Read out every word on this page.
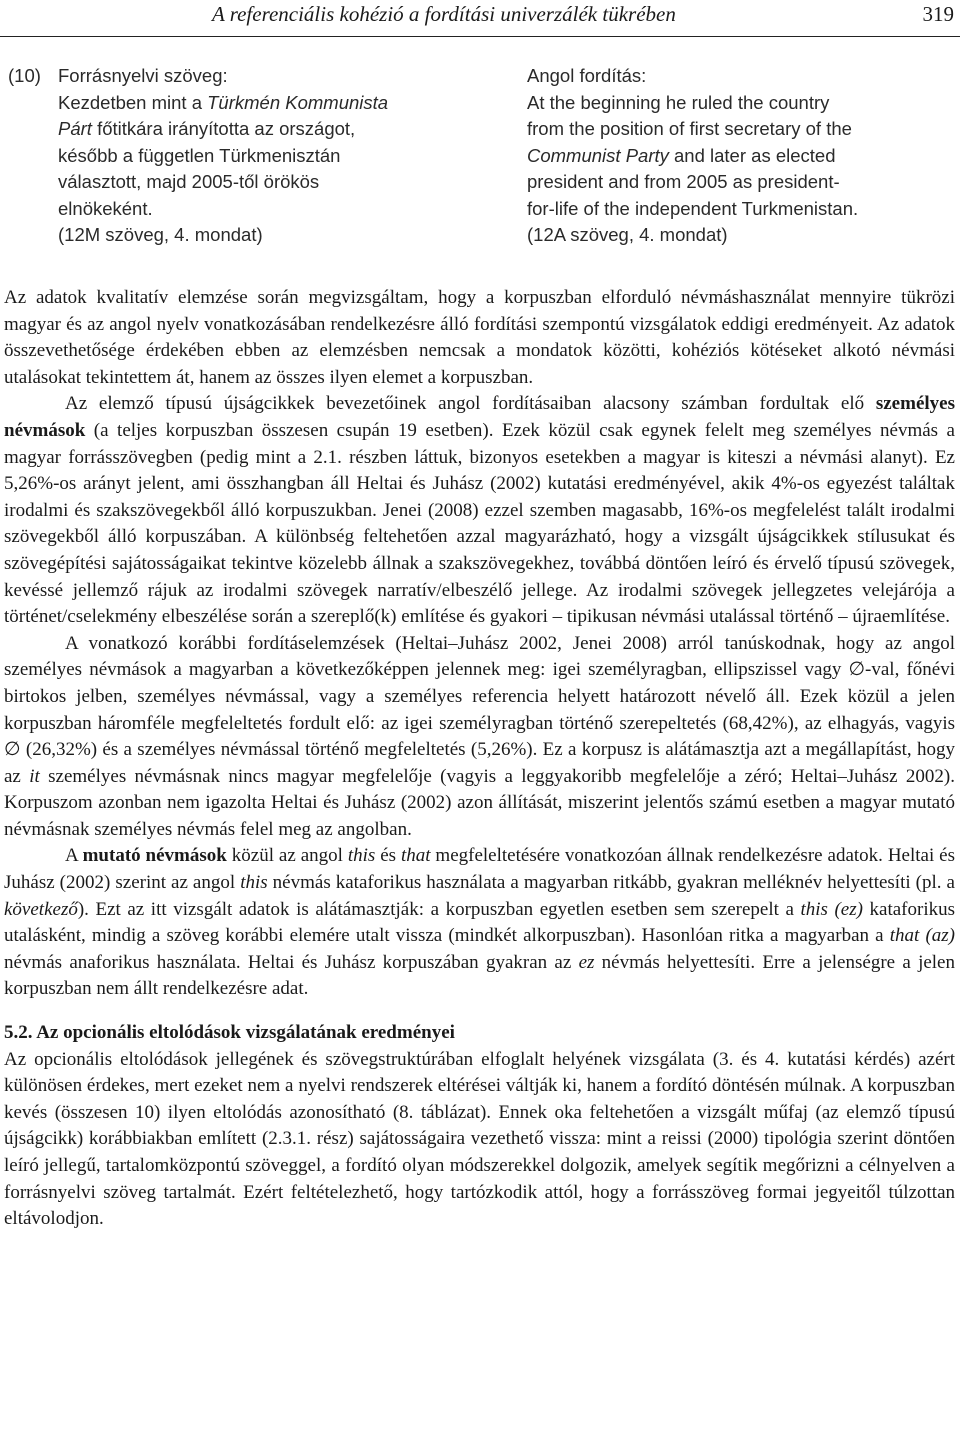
A referenciális kohézió a fordítási univerzálék tükrében	319
(10) Forrásnyelvi szöveg:
Kezdetben mint a Türkmén Kommunista
Párt főtitkára irányította az országot,
később a független Türkmenisztán
választott, majd 2005-től örökös
elnökeként.
(12M szöveg, 4. mondat)
Angol fordítás:
At the beginning he ruled the country
from the position of first secretary of the
Communist Party and later as elected
president and from 2005 as president-
for-life of the independent Turkmenistan.
(12A szöveg, 4. mondat)

Az adatok kvalitatív elemzése során megvizsgáltam, hogy a korpuszban elforduló névmáshasználat mennyire tükrözi magyar és az angol nyelv vonatkozásában rendelkezésre álló fordítási szempontú vizsgálatok eddigi eredményeit. Az adatok összevethetősége érdekében ebben az elemzésben nemcsak a mondatok közötti, kohéziós kötéseket alkotó névmási utalásokat tekintettem át, hanem az összes ilyen elemet a korpuszban.

Az elemző típusú újságcikkek bevezetőinek angol fordításaiban alacsony számban fordultak elő személyes névmások (a teljes korpuszban összesen csupán 19 esetben). Ezek közül csak egynek felelt meg személyes névmás a magyar forrásszövegben (pedig mint a 2.1. részben láttuk, bizonyos esetekben a magyar is kiteszi a névmási alanyt). Ez 5,26%-os arányt jelent, ami összhangban áll Heltai és Juhász (2002) kutatási eredményével, akik 4%-os egyezést találtak irodalmi és szakszövegekből álló korpuszukban. Jenei (2008) ezzel szemben magasabb, 16%-os megfelelést talált irodalmi szövegekből álló korpuszában. A különbség feltehetően azzal magyarázható, hogy a vizsgált újságcikkek stílusukat és szövegépítési sajátosságaikat tekintve közelebb állnak a szakszövegekhez, továbbá döntően leíró és érvelő típusú szövegek, kevéssé jellemző rájuk az irodalmi szövegek narratív/elbeszélő jellege. Az irodalmi szövegek jellegzetes velejárója a történet/cselekmény elbeszélése során a szereplő(k) említése és gyakori – tipikusan névmási utalással történő – újraemlítése.

A vonatkozó korábbi fordításelemzések (Heltai–Juhász 2002, Jenei 2008) arról tanúskodnak, hogy az angol személyes névmások a magyarban a következőképpen jelennek meg: igei személyragban, ellipszissel vagy ∅-val, főnévi birtokos jelben, személyes névmással, vagy a személyes referencia helyett határozott névelő áll. Ezek közül a jelen korpuszban háromféle megfeleltetés fordult elő: az igei személyragban történő szerepeltetés (68,42%), az elhagyás, vagyis ∅ (26,32%) és a személyes névmással történő megfeleltetés (5,26%). Ez a korpusz is alátámasztja azt a megállapítást, hogy az it személyes névmásnak nincs magyar megfelelője (vagyis a leggyakoribb megfelelője a zéró; Heltai–Juhász 2002). Korpuszom azonban nem igazolta Heltai és Juhász (2002) azon állítását, miszerint jelentős számú esetben a magyar mutató névmásnak személyes névmás felel meg az angolban.

A mutató névmások közül az angol this és that megfeleltetésére vonatkozóan állnak rendelkezésre adatok. Heltai és Juhász (2002) szerint az angol this névmás kataforikus használata a magyarban ritkább, gyakran melléknév helyettesíti (pl. a következő). Ezt az itt vizsgált adatok is alátámasztják: a korpuszban egyetlen esetben sem szerepelt a this (ez) kataforikus utalásként, mindig a szöveg korábbi elemére utalt vissza (mindkét alkorpuszban). Hasonlóan ritka a magyarban a that (az) névmás anaforikus használata. Heltai és Juhász korpuszában gyakran az ez névmás helyettesíti. Erre a jelenségre a jelen korpuszban nem állt rendelkezésre adat.

5.2. Az opcionális eltolódások vizsgálatának eredményei

Az opcionális eltolódások jellegének és szövegstruktúrában elfoglalt helyének vizsgálata (3. és 4. kutatási kérdés) azért különösen érdekes, mert ezeket nem a nyelvi rendszerek eltérései váltják ki, hanem a fordító döntésén múlnak. A korpuszban kevés (összesen 10) ilyen eltolódás azonosítható (8. táblázat). Ennek oka feltehetően a vizsgált műfaj (az elemző típusú újságcikk) korábbiakban említett (2.3.1. rész) sajátosságaira vezethető vissza: mint a reissi (2000) tipológia szerint döntően leíró jellegű, tartalomközpontú szöveggel, a fordító olyan módszerekkel dolgozik, amelyek segítik megőrizni a célnyelven a forrásnyelvi szöveg tartalmát. Ezért feltételezhető, hogy tartózkodik attól, hogy a forrásszöveg formai jegyeitől túlzottan eltávolodjon.
